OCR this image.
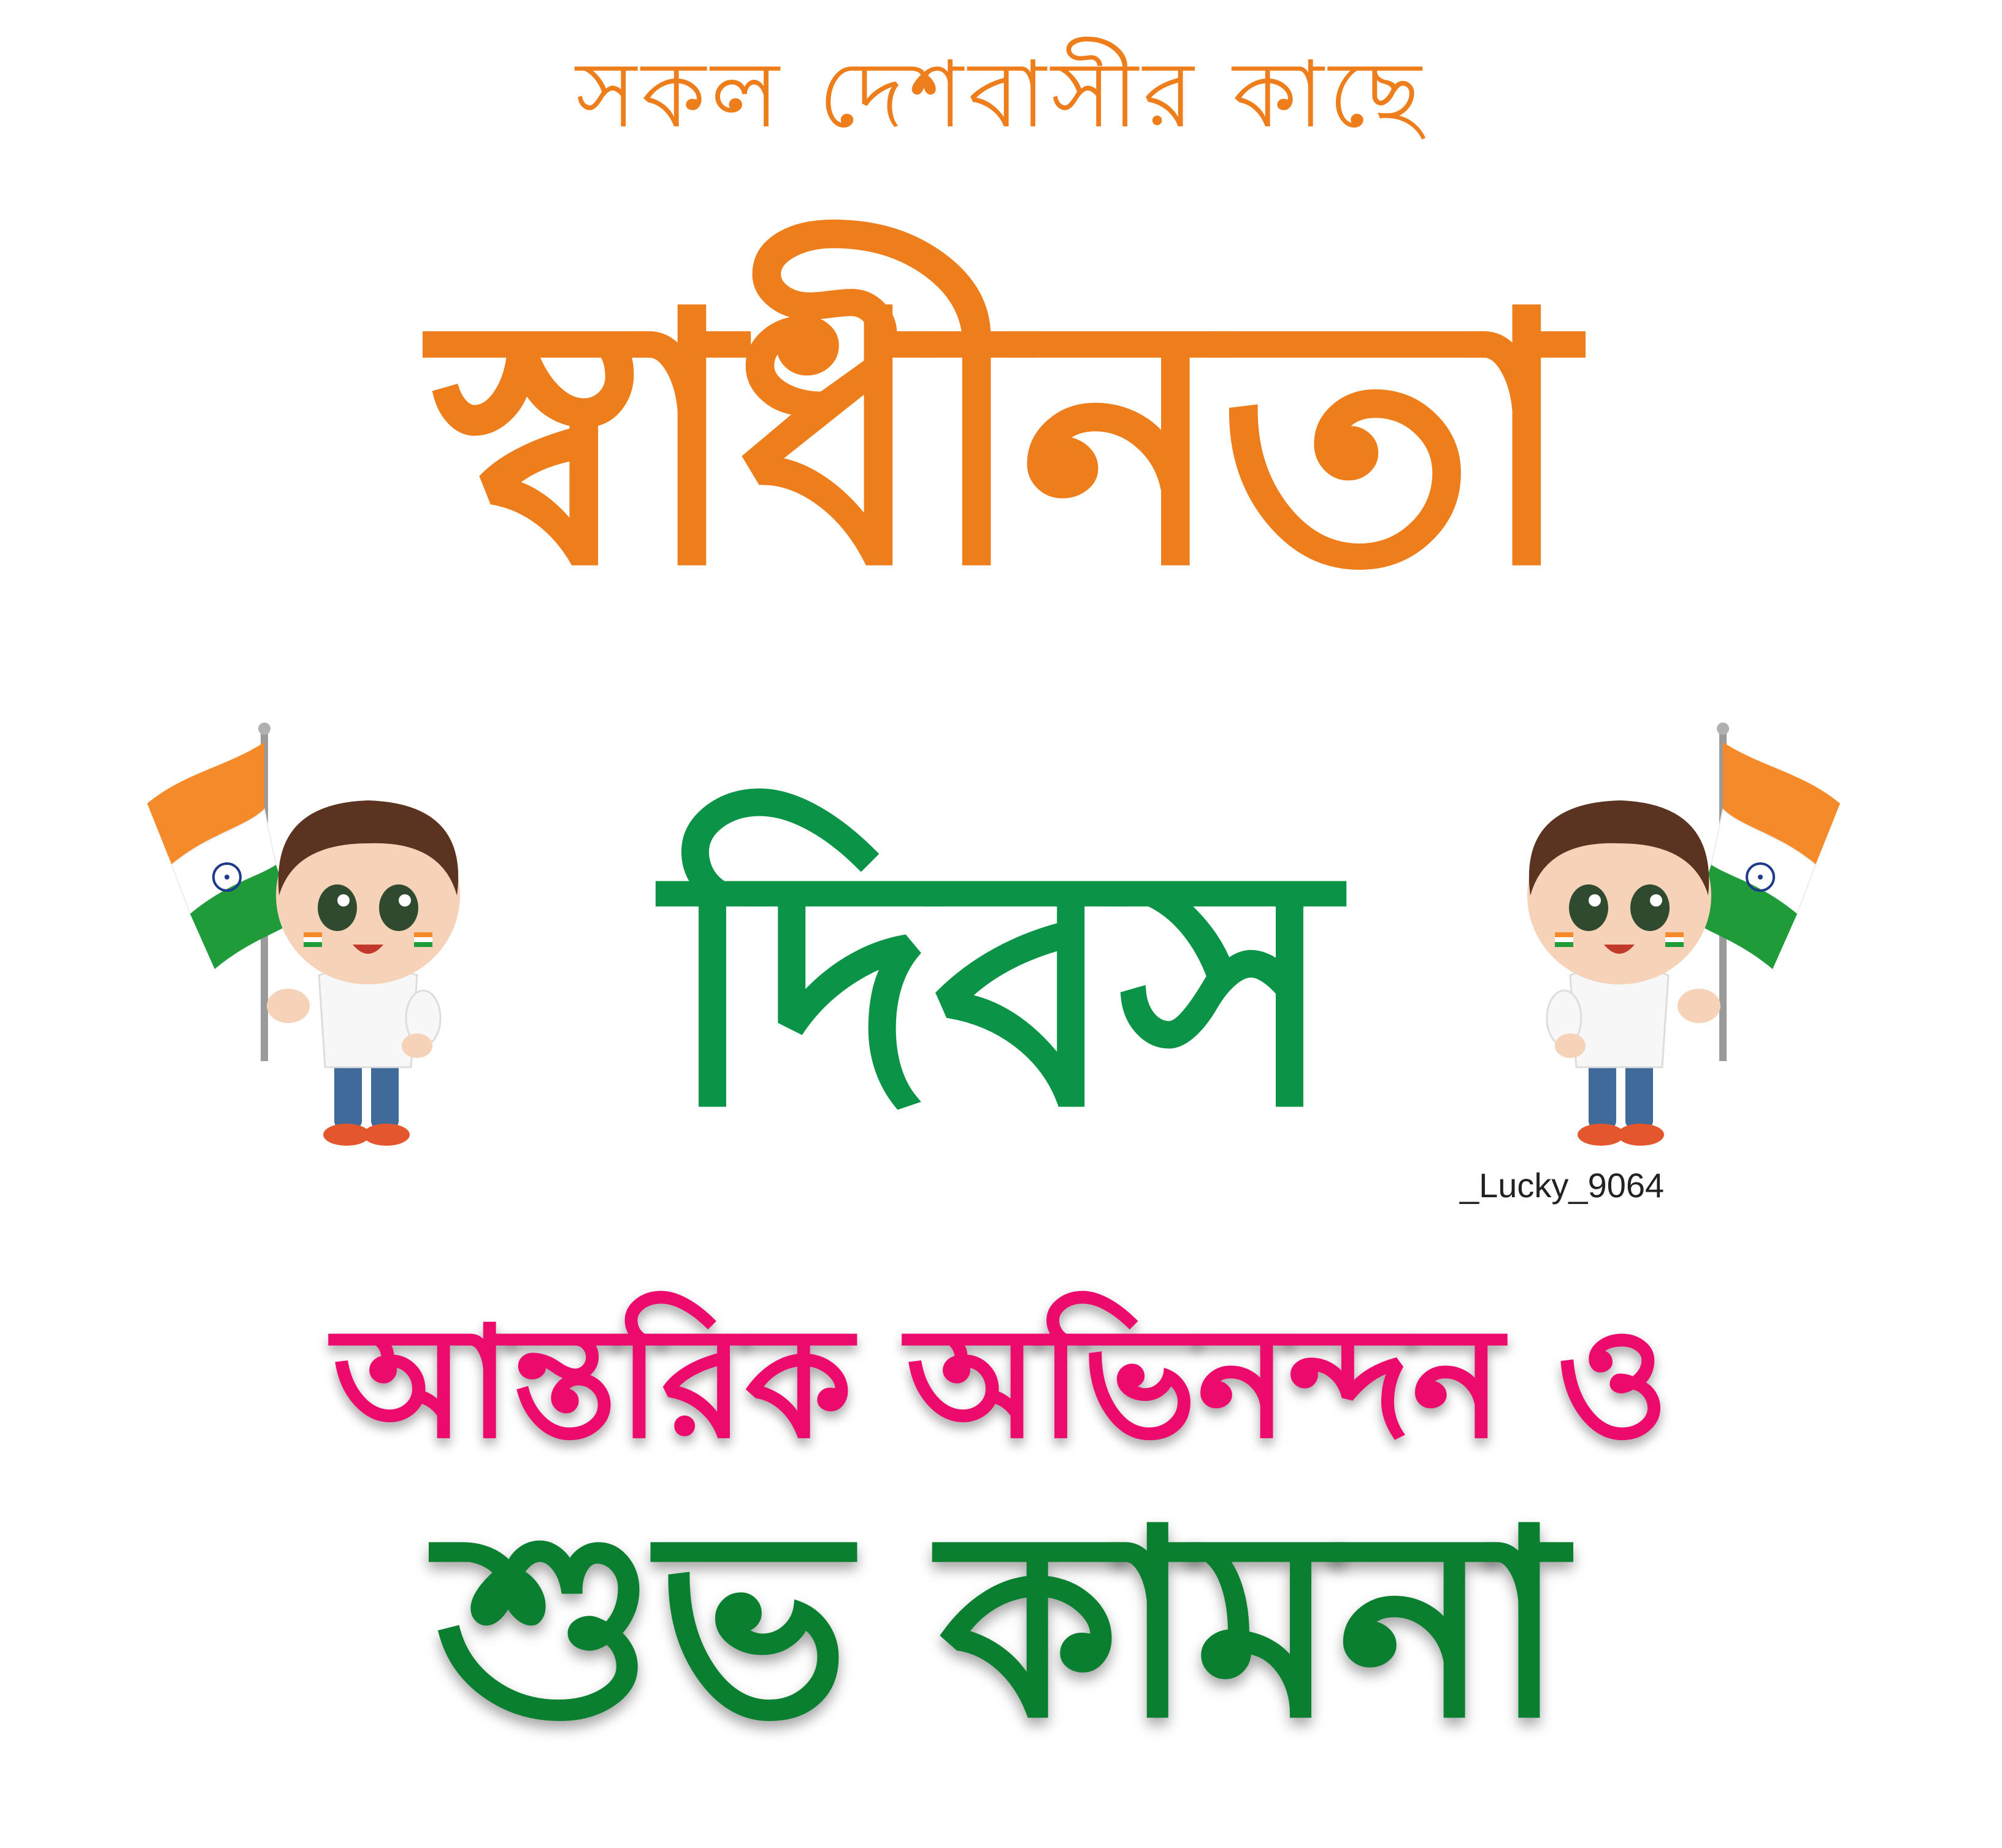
সকল দেশবাসীর কাছে
স্বাধীনতা
দিবস
আন্তরিক অভিনন্দন ও
শুভ কামনা
_Lucky_9064
